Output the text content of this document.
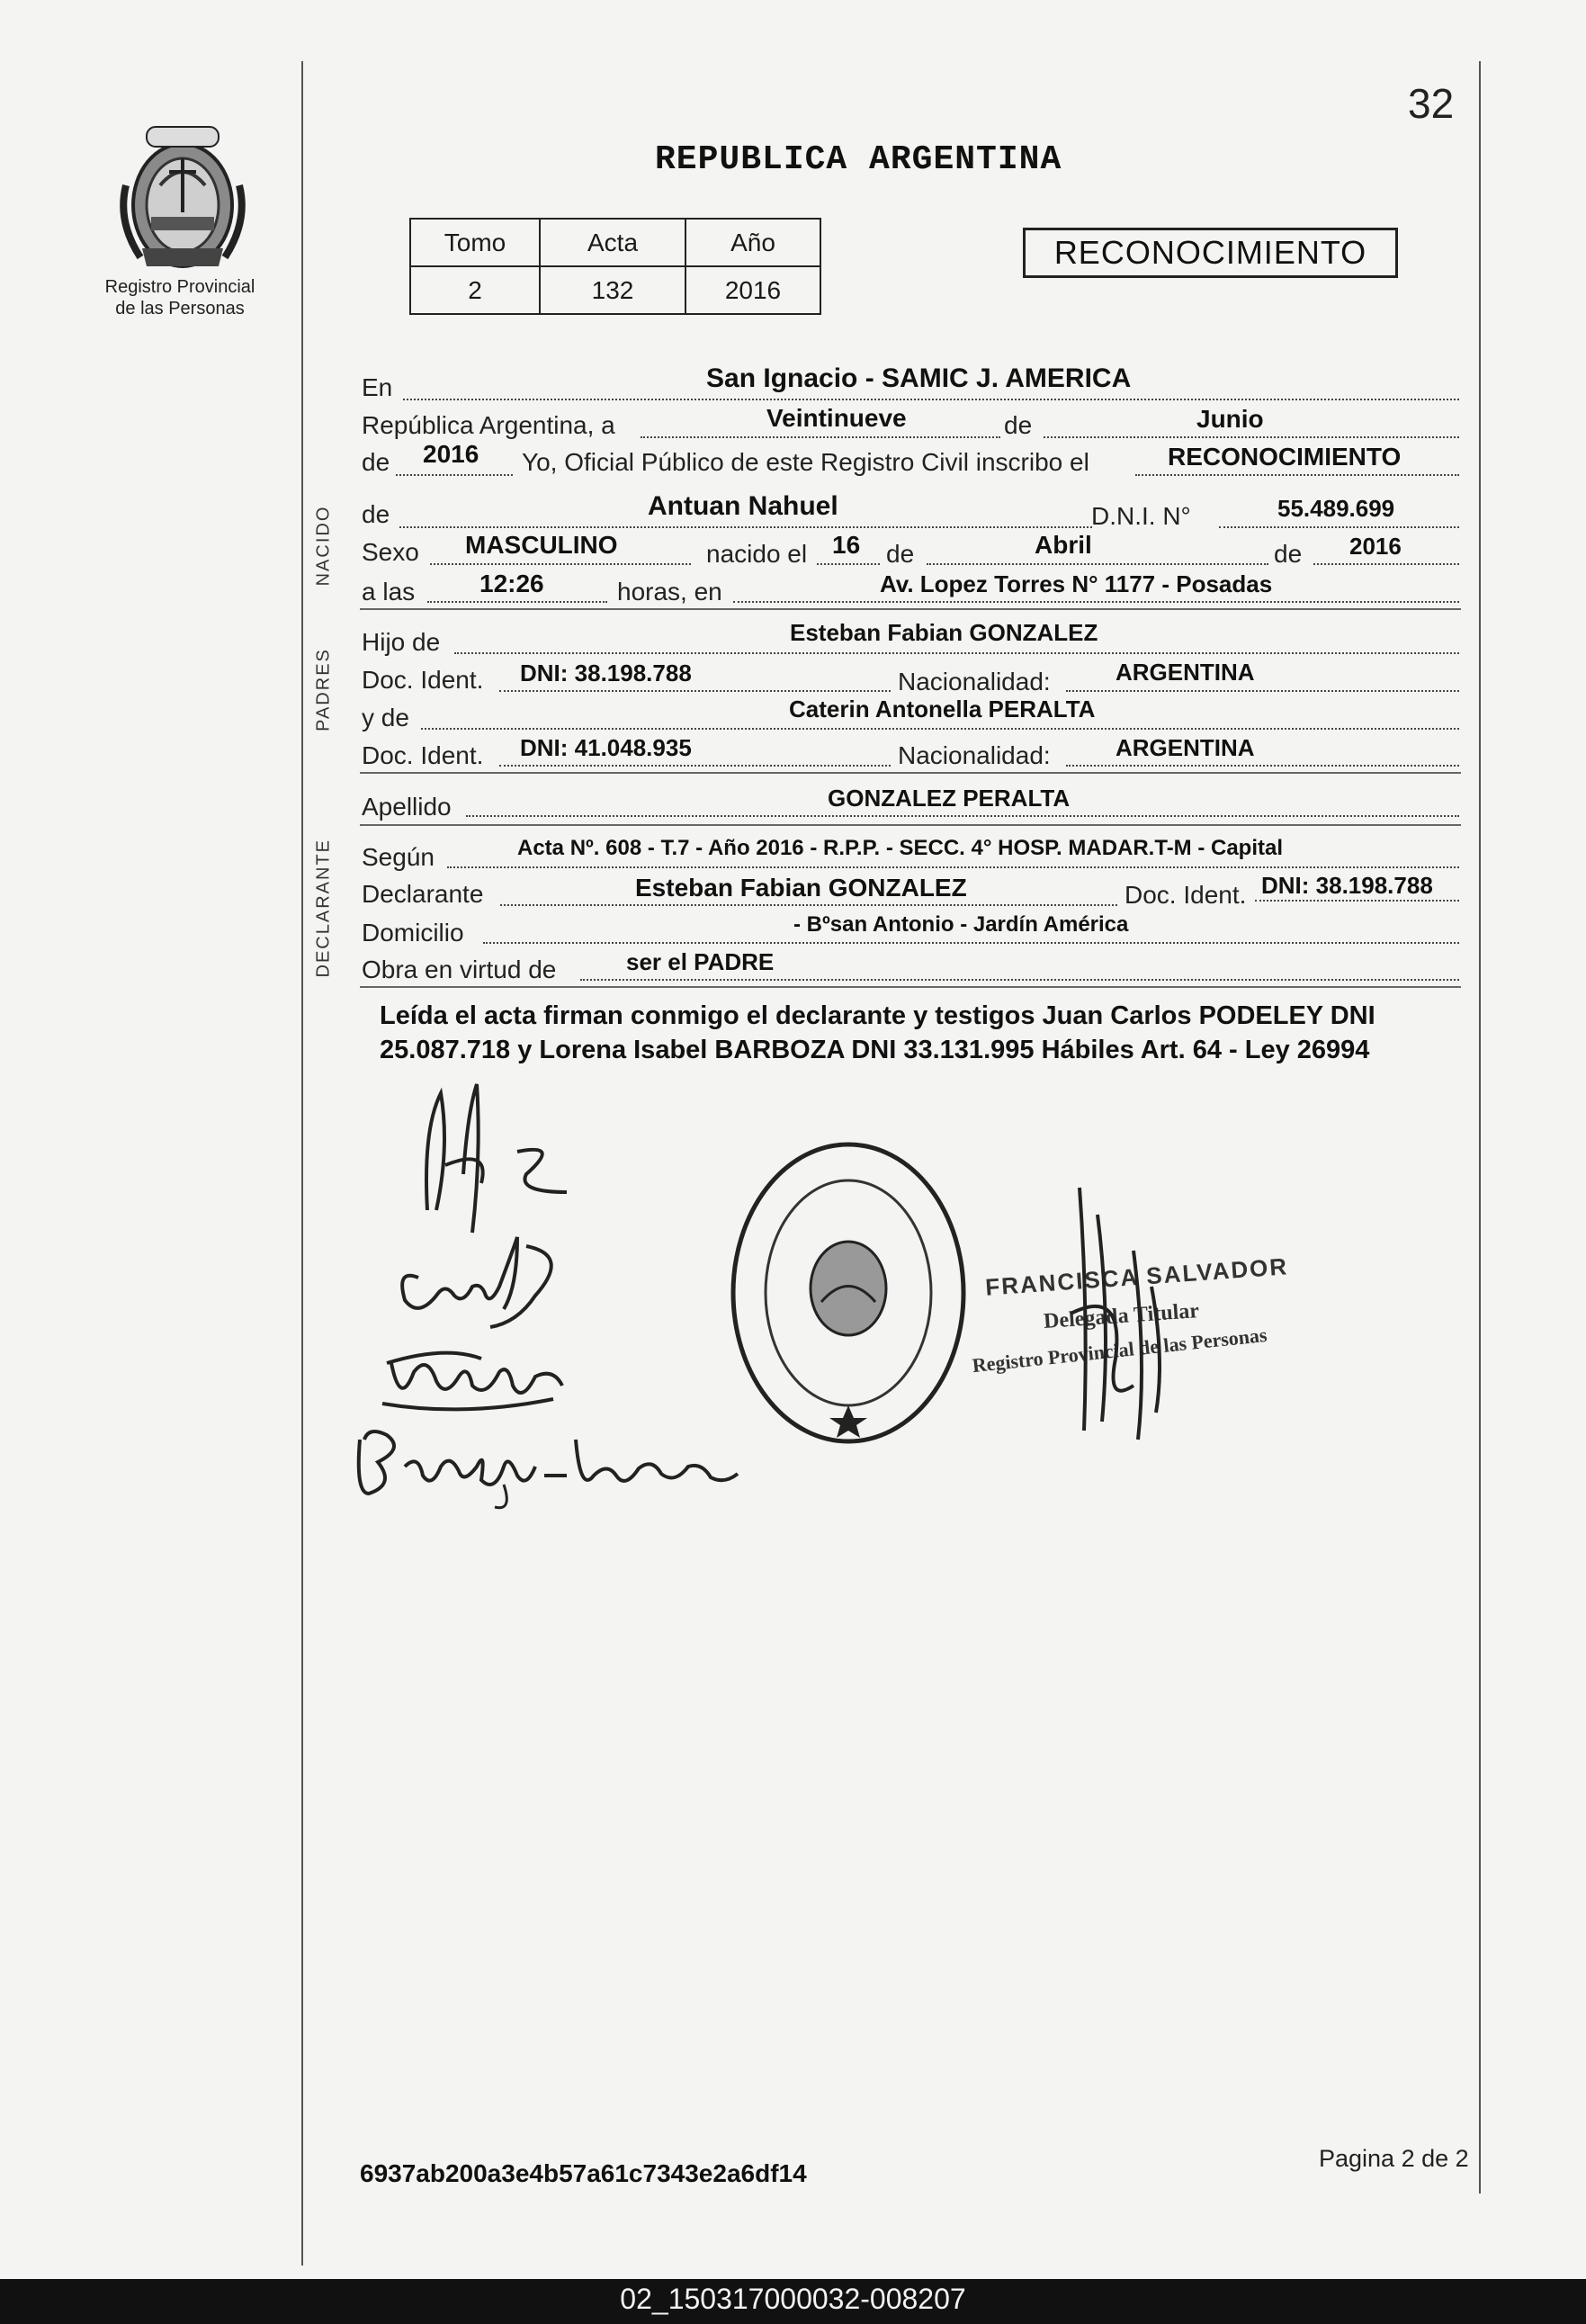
Registro Provincial
de las Personas
32
REPUBLICA ARGENTINA
Tomo	Acta	Año
2	132	2016
RECONOCIMIENTO
NACIDO
PADRES
DECLARANTE
En	San Ignacio - SAMIC J. AMERICA
República Argentina, a	Veintinueve	de	Junio
de 2016 Yo, Oficial Público de este Registro Civil inscribo el	RECONOCIMIENTO
de	Antuan Nahuel	D.N.I. N°	55.489.699
Sexo MASCULINO	nacido el 16 de	Abril	de 2016
a las	12:26	horas, en	Av. Lopez Torres N° 1177 - Posadas
Hijo de	Esteban Fabian GONZALEZ
Doc. Ident. DNI: 38.198.788	Nacionalidad:	ARGENTINA
y de	Caterin Antonella PERALTA
Doc. Ident. DNI: 41.048.935	Nacionalidad:	ARGENTINA
Apellido	GONZALEZ PERALTA
Según	Acta Nº. 608 - T.7 - Año 2016 - R.P.P. - SECC. 4° HOSP. MADAR.T-M - Capital
Declarante	Esteban Fabian GONZALEZ	Doc. Ident. DNI: 38.198.788
Domicilio	- Bºsan Antonio - Jardín América
Obra en virtud de	ser el PADRE
Leída el acta firman conmigo el declarante y testigos Juan Carlos PODELEY DNI 25.087.718 y Lorena Isabel BARBOZA DNI 33.131.995 Hábiles Art. 64 - Ley 26994
FRANCISCA SALVADOR
Delegada Titular
Registro Provincial de las Personas
6937ab200a3e4b57a61c7343e2a6df14
Pagina 2 de 2
02_150317000032-008207
